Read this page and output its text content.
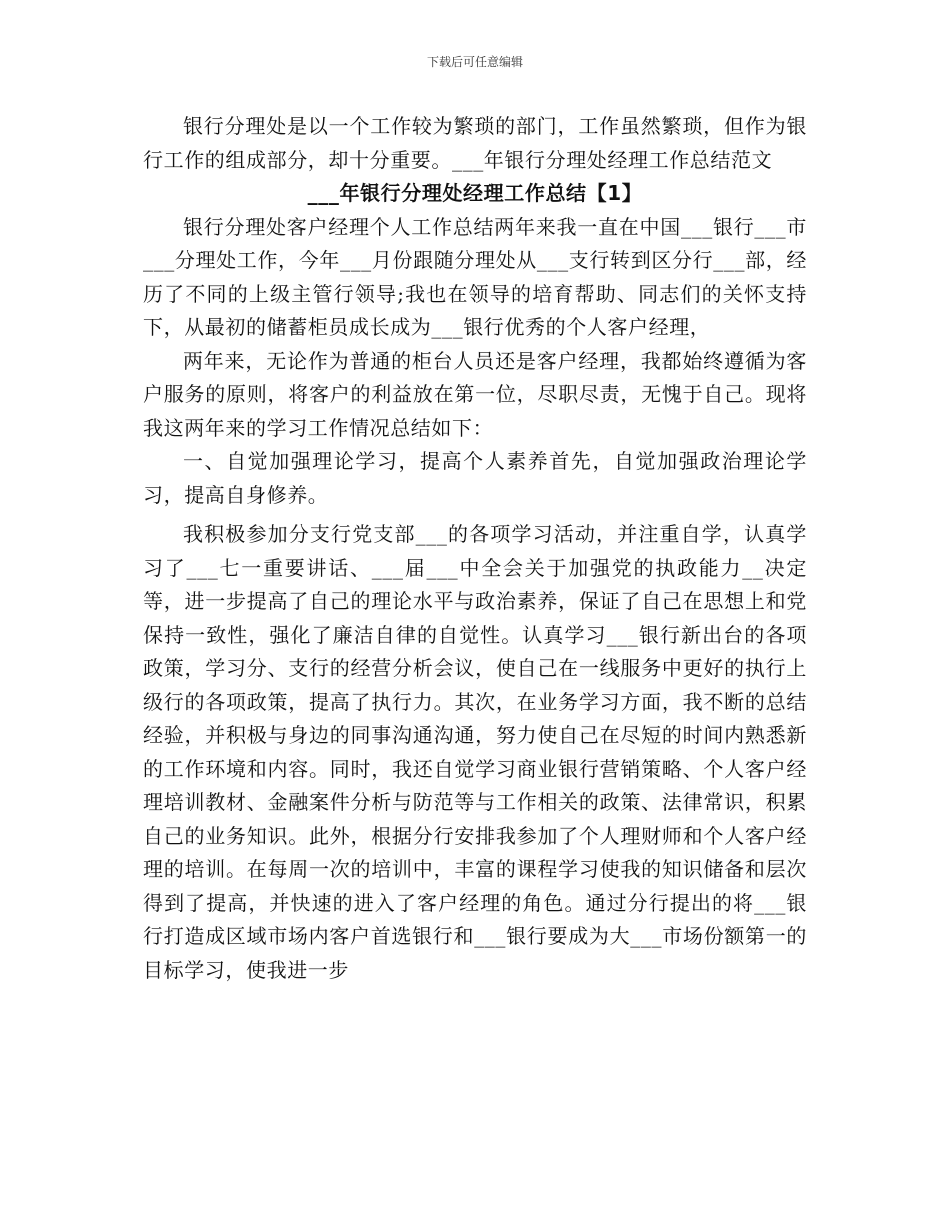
下载后可任意编辑

银行分理处是以一个工作较为繁琐的部门，工作虽然繁琐，但作为银行工作的组成部分，却十分重要。___年银行分理处经理工作总结范文

___年银行分理处经理工作总结【1】

银行分理处客户经理个人工作总结两年来我一直在中国___银行___市___分理处工作，今年___月份跟随分理处从___支行转到区分行___部，经历了不同的上级主管行领导;我也在领导的培育帮助、同志们的关怀支持下，从最初的储蓄柜员成长成为___银行优秀的个人客户经理，

两年来，无论作为普通的柜台人员还是客户经理，我都始终遵循为客户服务的原则，将客户的利益放在第一位，尽职尽责，无愧于自己。现将我这两年来的学习工作情况总结如下：

一、自觉加强理论学习，提高个人素养首先，自觉加强政治理论学习，提高自身修养。

我积极参加分支行党支部___的各项学习活动，并注重自学，认真学习了___七一重要讲话、___届___中全会关于加强党的执政能力__决定等，进一步提高了自己的理论水平与政治素养，保证了自己在思想上和党保持一致性，强化了廉洁自律的自觉性。认真学习___银行新出台的各项政策，学习分、支行的经营分析会议，使自己在一线服务中更好的执行上级行的各项政策，提高了执行力。其次，在业务学习方面，我不断的总结经验，并积极与身边的同事沟通沟通，努力使自己在尽短的时间内熟悉新的工作环境和内容。同时，我还自觉学习商业银行营销策略、个人客户经理培训教材、金融案件分析与防范等与工作相关的政策、法律常识，积累自己的业务知识。此外，根据分行安排我参加了个人理财师和个人客户经理的培训。在每周一次的培训中，丰富的课程学习使我的知识储备和层次得到了提高，并快速的进入了客户经理的角色。通过分行提出的将___银行打造成区域市场内客户首选银行和___银行要成为大___市场份额第一的目标学习，使我进一步
